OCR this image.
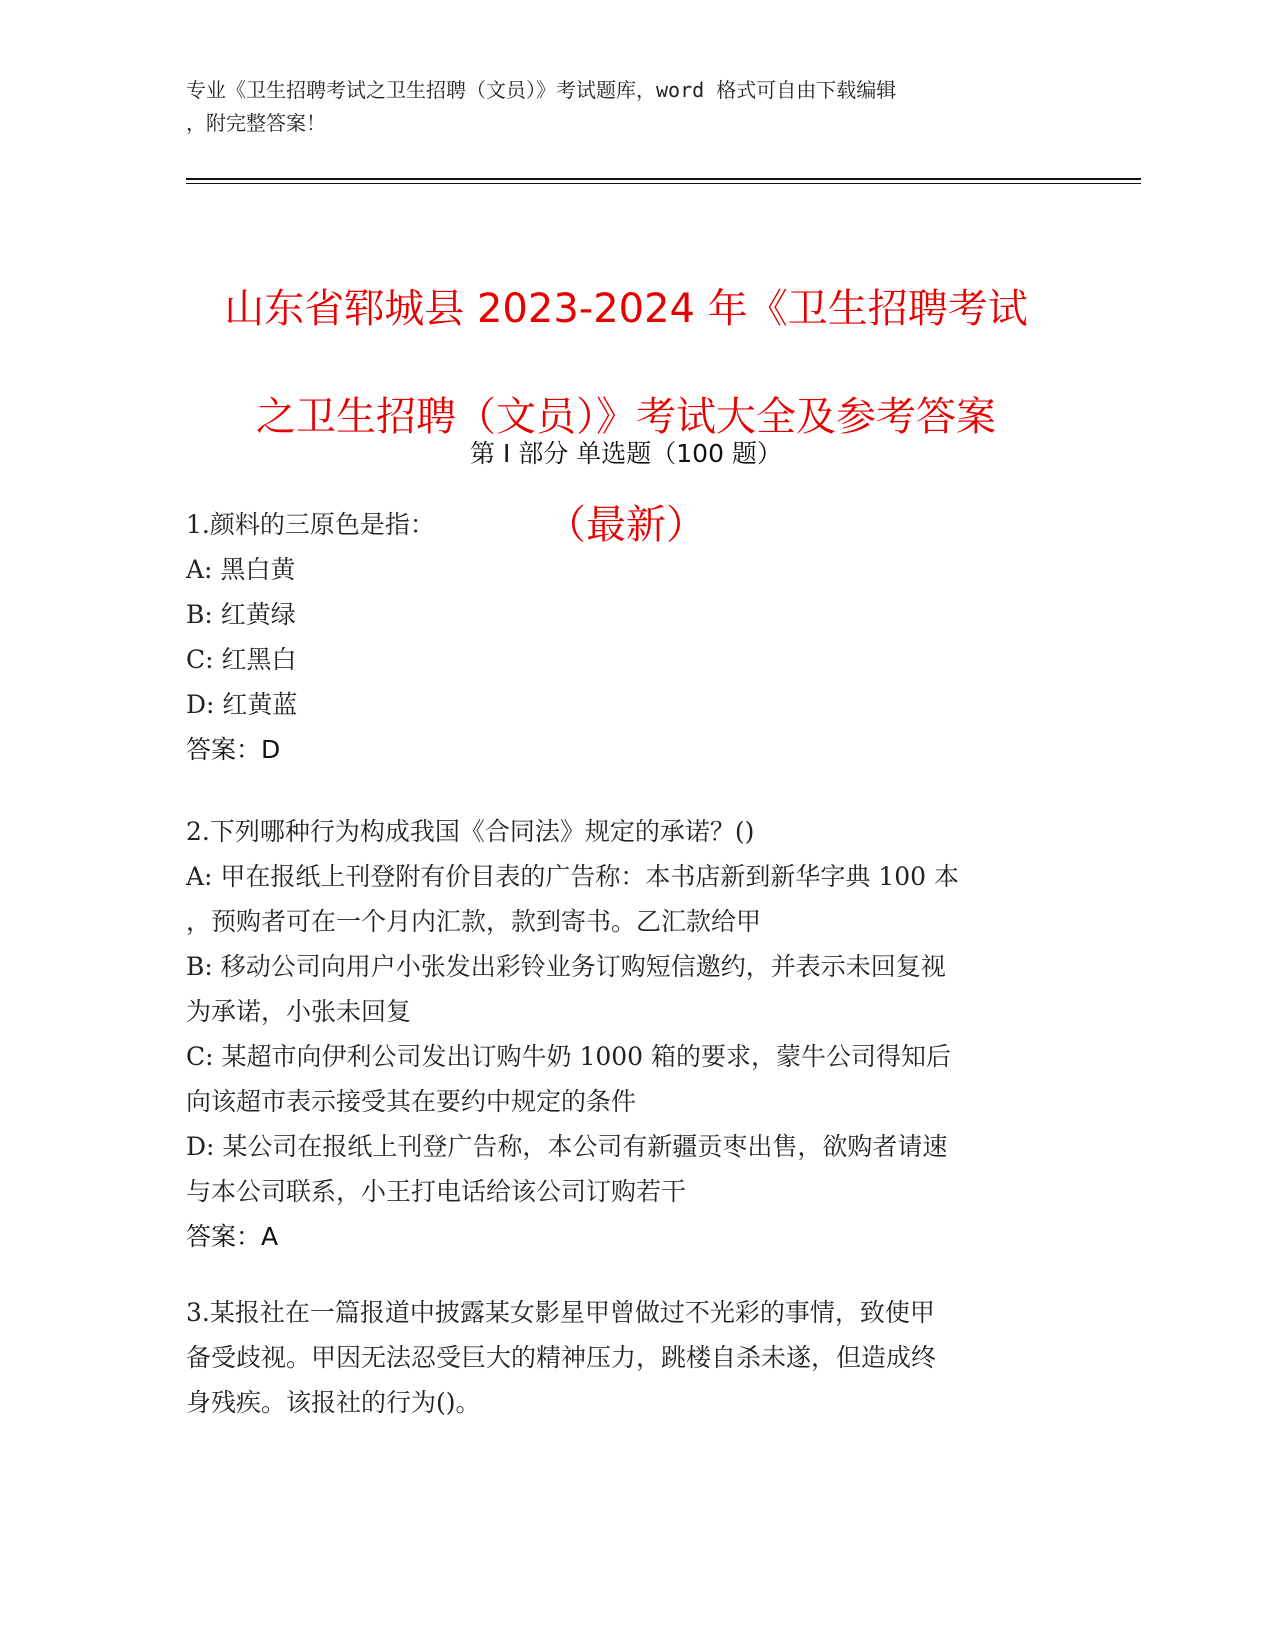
专业《卫生招聘考试之卫生招聘（文员）》考试题库，word 格式可自由下载编辑
，附完整答案！

山东省郓城县 2023-2024 年《卫生招聘考试

之卫生招聘（文员）》考试大全及参考答案

（最新）

第 I 部分 单选题（100 题）
1.颜料的三原色是指：
A: 黑白黄
B: 红黄绿
C: 红黑白
D: 红黄蓝
答案：D
2.下列哪种行为构成我国《合同法》规定的承诺？()
A: 甲在报纸上刊登附有价目表的广告称：本书店新到新华字典 100 本
，预购者可在一个月内汇款，款到寄书。乙汇款给甲
B: 移动公司向用户小张发出彩铃业务订购短信邀约，并表示未回复视
为承诺，小张未回复
C: 某超市向伊利公司发出订购牛奶 1000 箱的要求，蒙牛公司得知后
向该超市表示接受其在要约中规定的条件
D: 某公司在报纸上刊登广告称，本公司有新疆贡枣出售，欲购者请速
与本公司联系，小王打电话给该公司订购若干
答案：A
3.某报社在一篇报道中披露某女影星甲曾做过不光彩的事情，致使甲
备受歧视。甲因无法忍受巨大的精神压力，跳楼自杀未遂，但造成终
身残疾。该报社的行为()。
